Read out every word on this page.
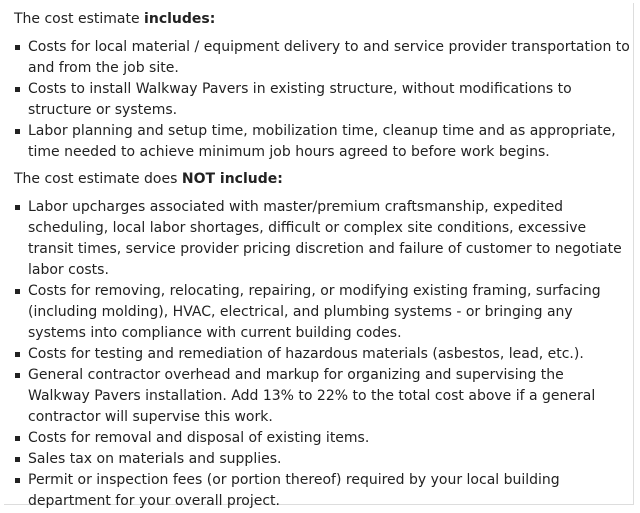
The cost estimate includes:

Costs for local material / equipment delivery to and service provider transportation to and from the job site.
Costs to install Walkway Pavers in existing structure, without modifications to structure or systems.
Labor planning and setup time, mobilization time, cleanup time and as appropriate, time needed to achieve minimum job hours agreed to before work begins.

The cost estimate does NOT include:

Labor upcharges associated with master/premium craftsmanship, expedited scheduling, local labor shortages, difficult or complex site conditions, excessive transit times, service provider pricing discretion and failure of customer to negotiate labor costs.
Costs for removing, relocating, repairing, or modifying existing framing, surfacing (including molding), HVAC, electrical, and plumbing systems - or bringing any systems into compliance with current building codes.
Costs for testing and remediation of hazardous materials (asbestos, lead, etc.).
General contractor overhead and markup for organizing and supervising the Walkway Pavers installation. Add 13% to 22% to the total cost above if a general contractor will supervise this work.
Costs for removal and disposal of existing items.
Sales tax on materials and supplies.
Permit or inspection fees (or portion thereof) required by your local building department for your overall project.
